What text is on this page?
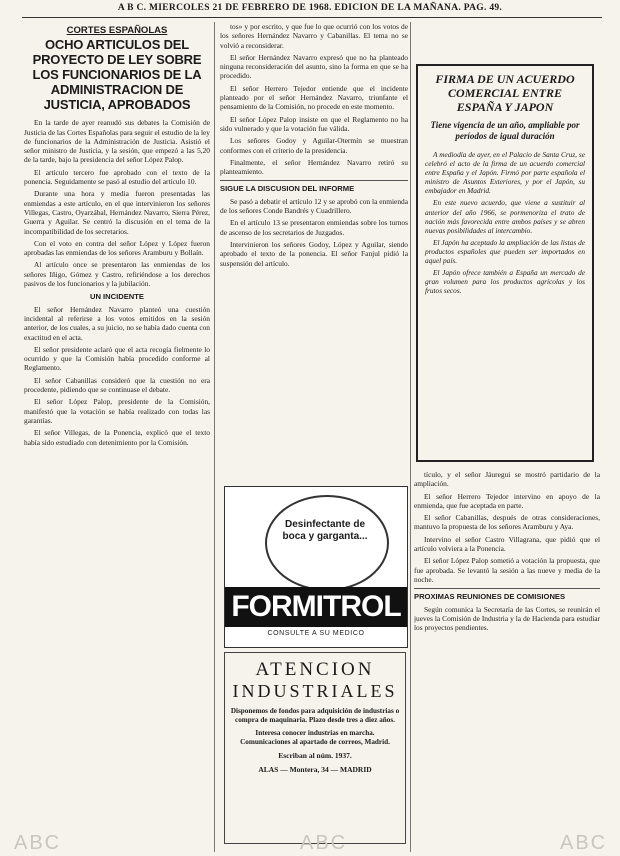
A B C. MIERCOLES 21 DE FEBRERO DE 1968. EDICION DE LA MAÑANA. PAG. 49.
CORTES ESPAÑOLAS
OCHO ARTICULOS DEL PROYECTO DE LEY SOBRE LOS FUNCIONARIOS DE LA ADMINISTRACION DE JUSTICIA, APROBADOS

En la tarde de ayer reanudó sus debates la Comisión de Justicia de las Cortes Españolas para seguir el estudio de la ley de funcionarios de la Administración de Justicia. Asistió el señor ministro de Justicia, y la sesión, que empezó a las 5,20 de la tarde, bajo la presidencia del señor López Palop.

El artículo tercero fue aprobado con el texto de la ponencia. Seguidamente se pasó al estudio del artículo 10.

Durante una hora y media fueron presentadas las enmiendas a este artículo, en el que intervinieron los señores Villegas, Castro, Oyarzábal, Hernández Navarro, Sierra Pérez, Guerra y Aguilar. Se centró la discusión en el tema de la incompatibilidad de los secretarios.

Con el voto en contra del señor López y López fueron aprobadas las enmiendas de los señores Aramburu y Bollaín.

Al artículo once se presentaron las enmiendas de los señores Iñigo, Gómez y Castro, refiriéndose a los derechos pasivos de los funcionarios y la jubilación.

UN INCIDENTE

El señor Hernández Navarro planteó una cuestión incidental al referirse a los votos emitidos en la sesión anterior, de los cuales, a su juicio, no se había dado cuenta con exactitud en el acta.

El señor presidente aclaró que el acta recogía fielmente lo ocurrido y que la Comisión había procedido conforme al Reglamento.

El señor Cabanillas consideró que la cuestión no era procedente, pidiendo que se continuase el debate.

El señor López Palop, presidente de la Comisión, manifestó que la votación se había realizado con todas las garantías.

El señor Villegas, de la Ponencia, explicó que el texto había sido estudiado con detenimiento por la Comisión.

tos» y por escrito, y que fue lo que ocurrió con los votos de los señores Hernández Navarro y Cabanillas. El tema no se volvió a reconsiderar.

El señor Hernández Navarro expresó que no ha planteado ninguna reconsideración del asunto, sino la forma en que se ha procedido.

El señor Herrero Tejedor entiende que el incidente planteado por el señor Hernández Navarro, triunfante el pensamiento de la Comisión, no procede en este momento.

El señor López Palop insiste en que el Reglamento no ha sido vulnerado y que la votación fue válida.

Los señores Godoy y Aguilar-Otermín se muestran conformes con el criterio de la presidencia.

Finalmente, el señor Hernández Navarro retiró su planteamiento.

SIGUE LA DISCUSION DEL INFORME

Se pasó a debatir el artículo 12 y se aprobó con la enmienda de los señores Conde Bandrés y Cuadrillero.

En el artículo 13 se presentaron enmiendas sobre los turnos de ascenso de los secretarios de Juzgados.

Intervinieron los señores Godoy, López y Aguilar, siendo aprobado el texto de la ponencia. El señor Fanjul pidió la suspensión del artículo.

FIRMA DE UN ACUERDO COMERCIAL ENTRE ESPAÑA Y JAPON
Tiene vigencia de un año, ampliable por períodos de igual duración

A mediodía de ayer, en el Palacio de Santa Cruz, se celebró el acto de la firma de un acuerdo comercial entre España y el Japón. Firmó por parte española el ministro de Asuntos Exteriores, y por el Japón, su embajador en Madrid.

En este nuevo acuerdo, que viene a sustituir al anterior del año 1966, se pormenoriza el trato de nación más favorecida entre ambos países y se abren nuevas posibilidades al intercambio.

El Japón ha aceptado la ampliación de las listas de productos españoles que pueden ser importados en aquel país.

El Japón ofrece también a España un mercado de gran volumen para los productos agrícolas y los frutos secos.

tículo, y el señor Jáuregui se mostró partidario de la ampliación.

El señor Herrero Tejedor intervino en apoyo de la enmienda, que fue aceptada en parte.

El señor Cabanillas, después de otras consideraciones, mantuvo la propuesta de los señores Aramburu y Aya.

Intervino el señor Castro Villagrana, que pidió que el artículo volviera a la Ponencia.

El señor López Palop sometió a votación la propuesta, que fue aprobada. Se levantó la sesión a las nueve y media de la noche.

PROXIMAS REUNIONES DE COMISIONES

Según comunica la Secretaría de las Cortes, se reunirán el jueves la Comisión de Industria y la de Hacienda para estudiar los proyectos pendientes.

Desinfectante de boca y garganta...
FORMITROL
CONSULTE A SU MEDICO
ATENCION
INDUSTRIALES
Disponemos de fondos para adquisición de industrias o compra de maquinaria. Plazo desde tres a diez años.
Interesa conocer industrias en marcha. Comunicaciones al apartado de correos, Madrid.
Escriban al núm. 1937.
ALAS — Montera, 34 — MADRID
ABC
ABC	ABC
